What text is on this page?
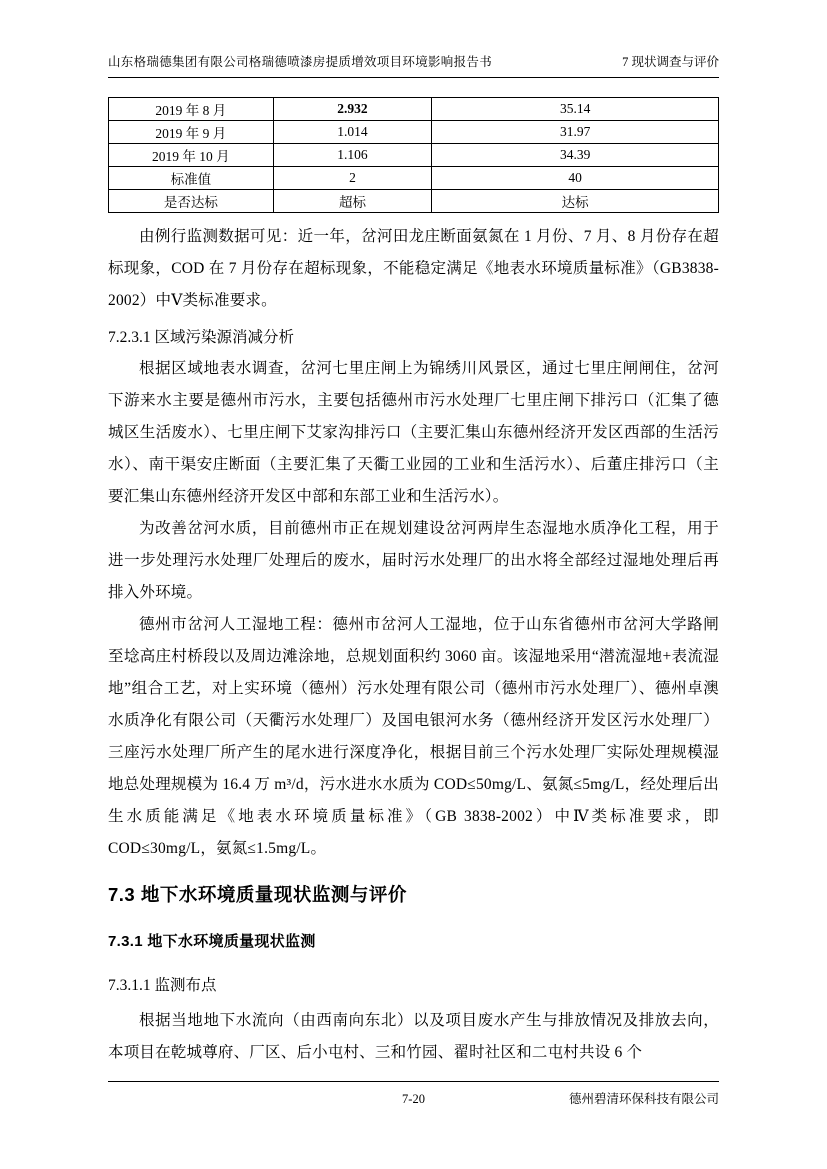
山东格瑞德集团有限公司格瑞德喷漆房提质增效项目环境影响报告书	7 现状调查与评价
2019 年 8 月	2.932	35.14
2019 年 9 月	1.014	31.97
2019 年 10 月	1.106	34.39
标准值	2	40
是否达标	超标	达标

由例行监测数据可见：近一年，岔河田龙庄断面氨氮在 1 月份、7 月、8 月份存在超标现象，COD 在 7 月份存在超标现象，不能稳定满足《地表水环境质量标准》（GB3838-2002）中Ⅴ类标准要求。

7.2.3.1 区域污染源消减分析

根据区域地表水调查，岔河七里庄闸上为锦绣川风景区，通过七里庄闸闸住，岔河下游来水主要是德州市污水，主要包括德州市污水处理厂七里庄闸下排污口（汇集了德城区生活废水）、七里庄闸下艾家沟排污口（主要汇集山东德州经济开发区西部的生活污水）、南干渠安庄断面（主要汇集了天衢工业园的工业和生活污水）、后董庄排污口（主要汇集山东德州经济开发区中部和东部工业和生活污水）。

为改善岔河水质，目前德州市正在规划建设岔河两岸生态湿地水质净化工程，用于进一步处理污水处理厂处理后的废水，届时污水处理厂的出水将全部经过湿地处理后再排入外环境。

德州市岔河人工湿地工程：德州市岔河人工湿地，位于山东省德州市岔河大学路闸至埝高庄村桥段以及周边滩涂地，总规划面积约 3060 亩。该湿地采用“潜流湿地+表流湿地”组合工艺，对上实环境（德州）污水处理有限公司（德州市污水处理厂）、德州卓澳水质净化有限公司（天衢污水处理厂）及国电银河水务（德州经济开发区污水处理厂）三座污水处理厂所产生的尾水进行深度净化，根据目前三个污水处理厂实际处理规模湿地总处理规模为 16.4 万 m³/d，污水进水水质为 COD≤50mg/L、氨氮≤5mg/L，经处理后出生水质能满足《地表水环境质量标准》（GB 3838-2002）中Ⅳ类标准要求，即 COD≤30mg/L，氨氮≤1.5mg/L。

7.3 地下水环境质量现状监测与评价
7.3.1 地下水环境质量现状监测
7.3.1.1 监测布点

根据当地地下水流向（由西南向东北）以及项目废水产生与排放情况及排放去向，本项目在乾城尊府、厂区、后小屯村、三和竹园、翟时社区和二屯村共设 6 个

7-20	德州碧清环保科技有限公司
